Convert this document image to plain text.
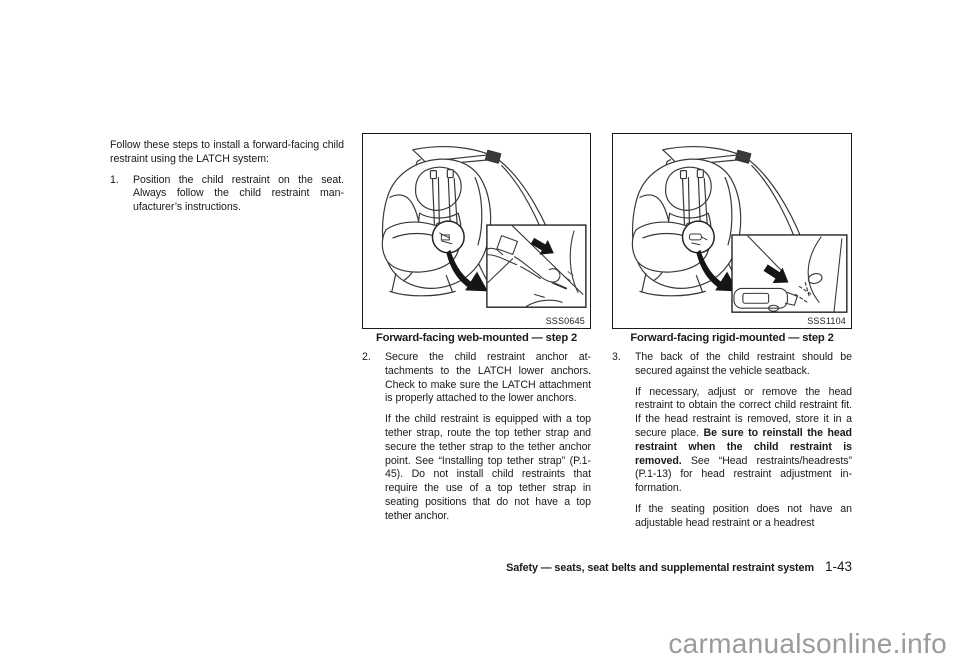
Follow these steps to install a forward-facing child restraint using the LATCH system:

1.	Position the child restraint on the seat. Always follow the child restraint manufacturer’s instructions.

SSS0645
Forward-facing web-mounted — step 2
2.	Secure the child restraint anchor attachments to the LATCH lower anchors. Check to make sure the LATCH attachment is properly attached to the lower anchors.

If the child restraint is equipped with a top tether strap, route the top tether strap and secure the tether strap to the tether anchor point. See “Installing top tether strap” (P.1-45). Do not install child restraints that require the use of a top tether strap in seating positions that do not have a top tether anchor.

SSS1104
Forward-facing rigid-mounted — step 2
3.	The back of the child restraint should be secured against the vehicle seatback.

If necessary, adjust or remove the head restraint to obtain the correct child restraint fit. If the head restraint is removed, store it in a secure place. Be sure to reinstall the head restraint when the child restraint is removed. See “Head restraints/headrests” (P.1-13) for head restraint adjustment information.

If the seating position does not have an adjustable head restraint or a headrest

Safety — seats, seat belts and supplemental restraint system 1-43
carmanualsonline.info
